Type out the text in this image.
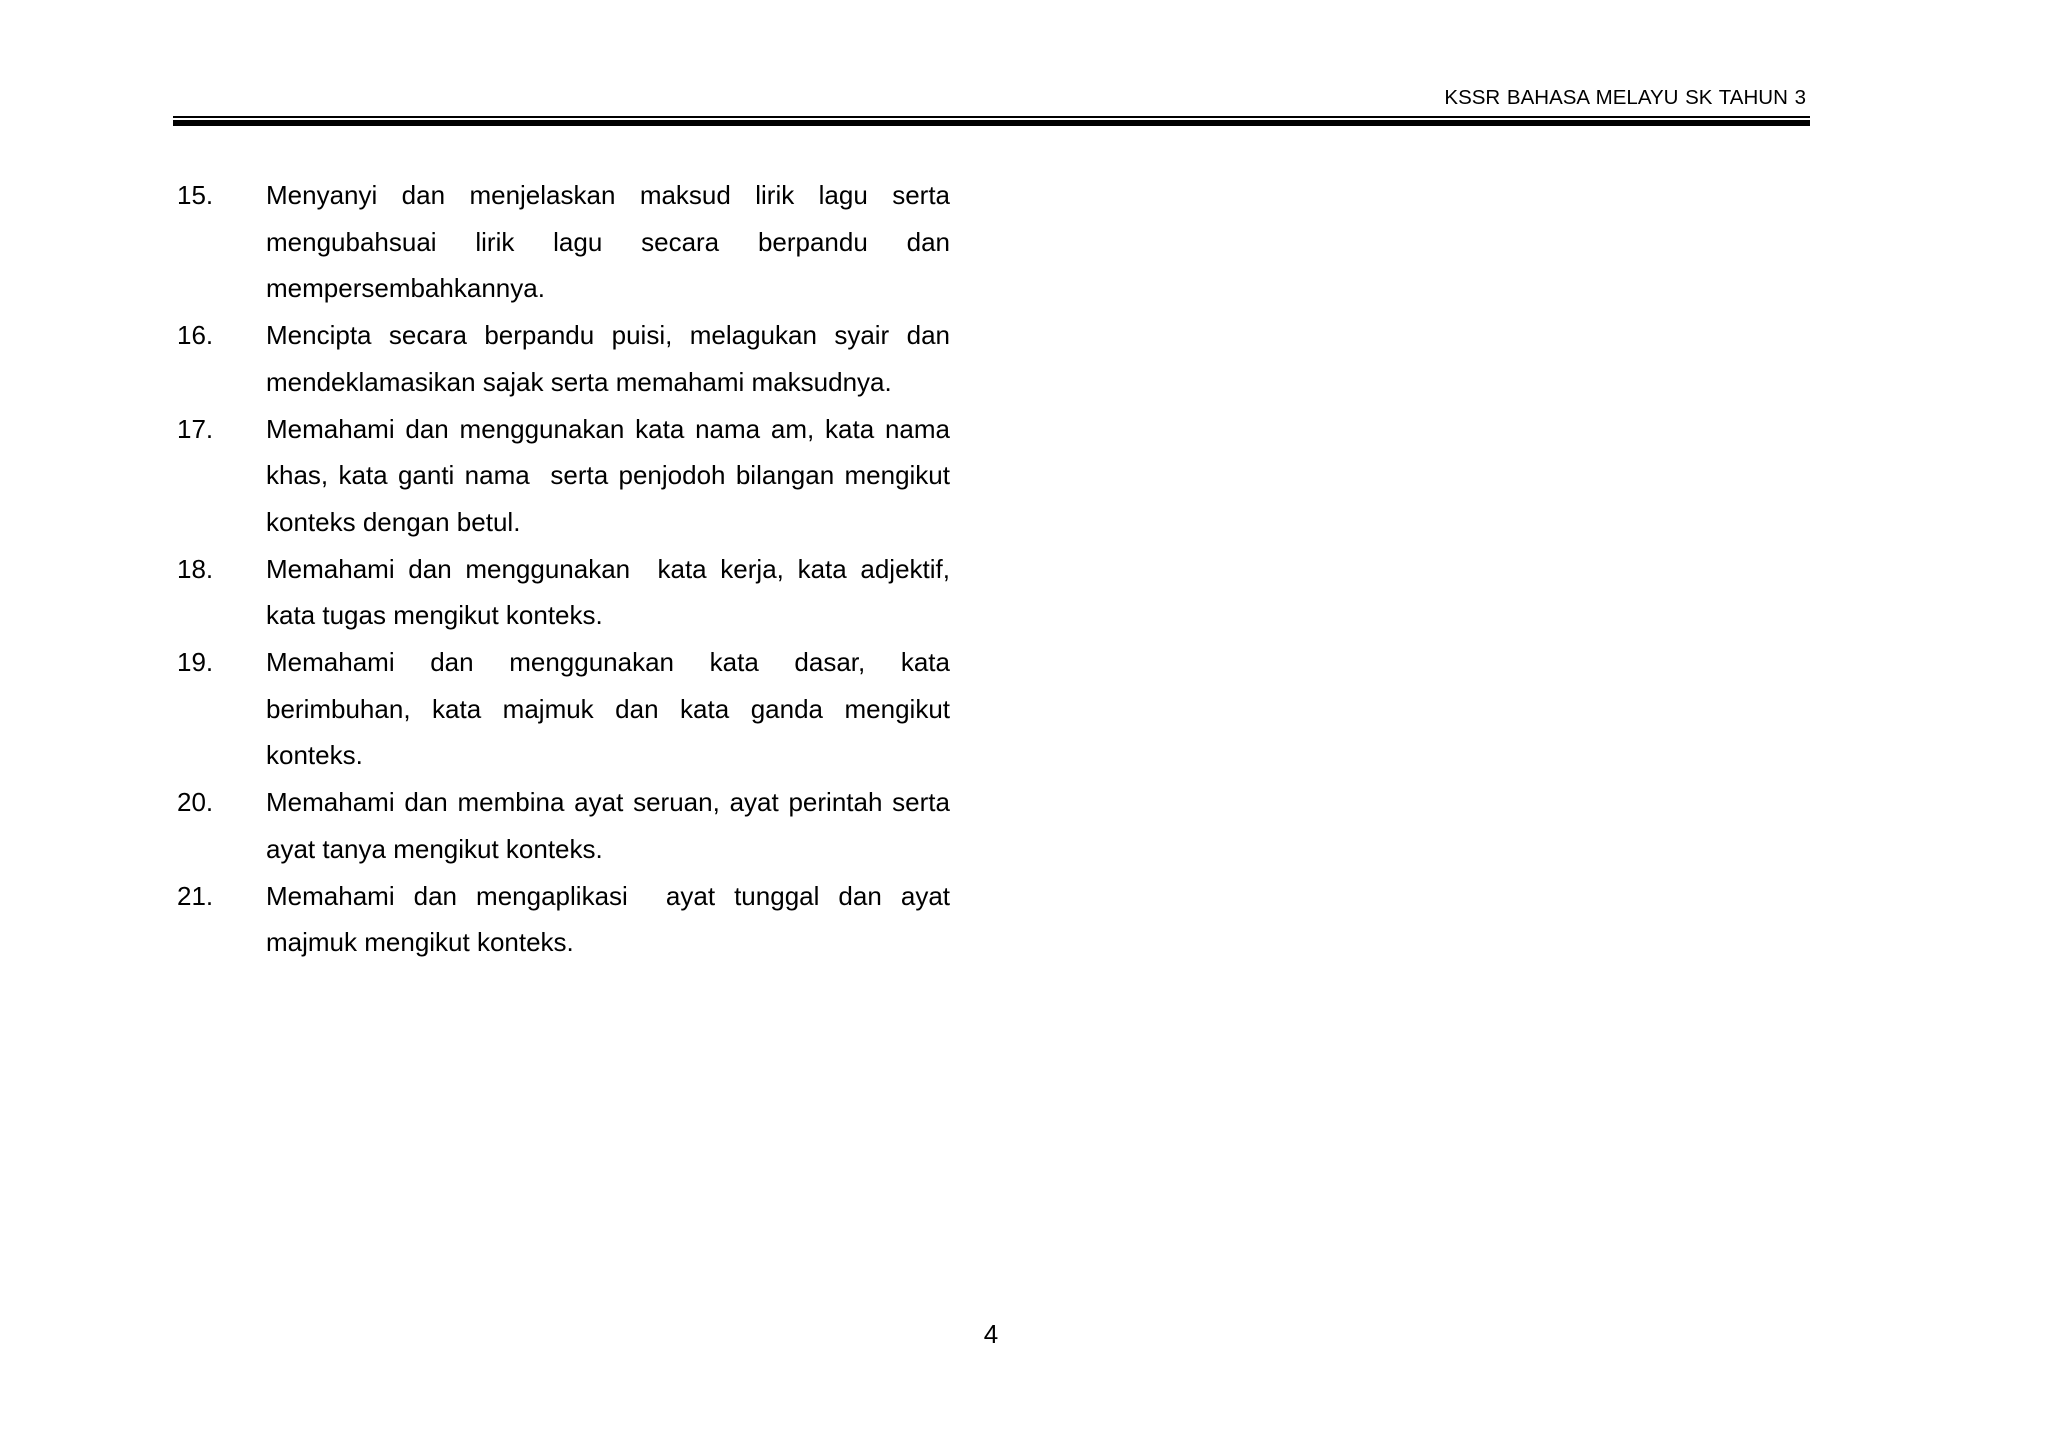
KSSR BAHASA MELAYU SK TAHUN 3
15. Menyanyi dan menjelaskan maksud lirik lagu serta mengubahsuai lirik lagu secara berpandu dan mempersembahkannya.
16. Mencipta secara berpandu puisi, melagukan syair dan mendeklamasikan sajak serta memahami maksudnya.
17. Memahami dan menggunakan kata nama am, kata nama khas, kata ganti nama  serta penjodoh bilangan mengikut konteks dengan betul.
18. Memahami dan menggunakan  kata kerja, kata adjektif, kata tugas mengikut konteks.
19. Memahami dan menggunakan kata dasar, kata berimbuhan, kata majmuk dan kata ganda mengikut konteks.
20. Memahami dan membina ayat seruan, ayat perintah serta ayat tanya mengikut konteks.
21. Memahami dan mengaplikasi  ayat tunggal dan ayat majmuk mengikut konteks.
4
